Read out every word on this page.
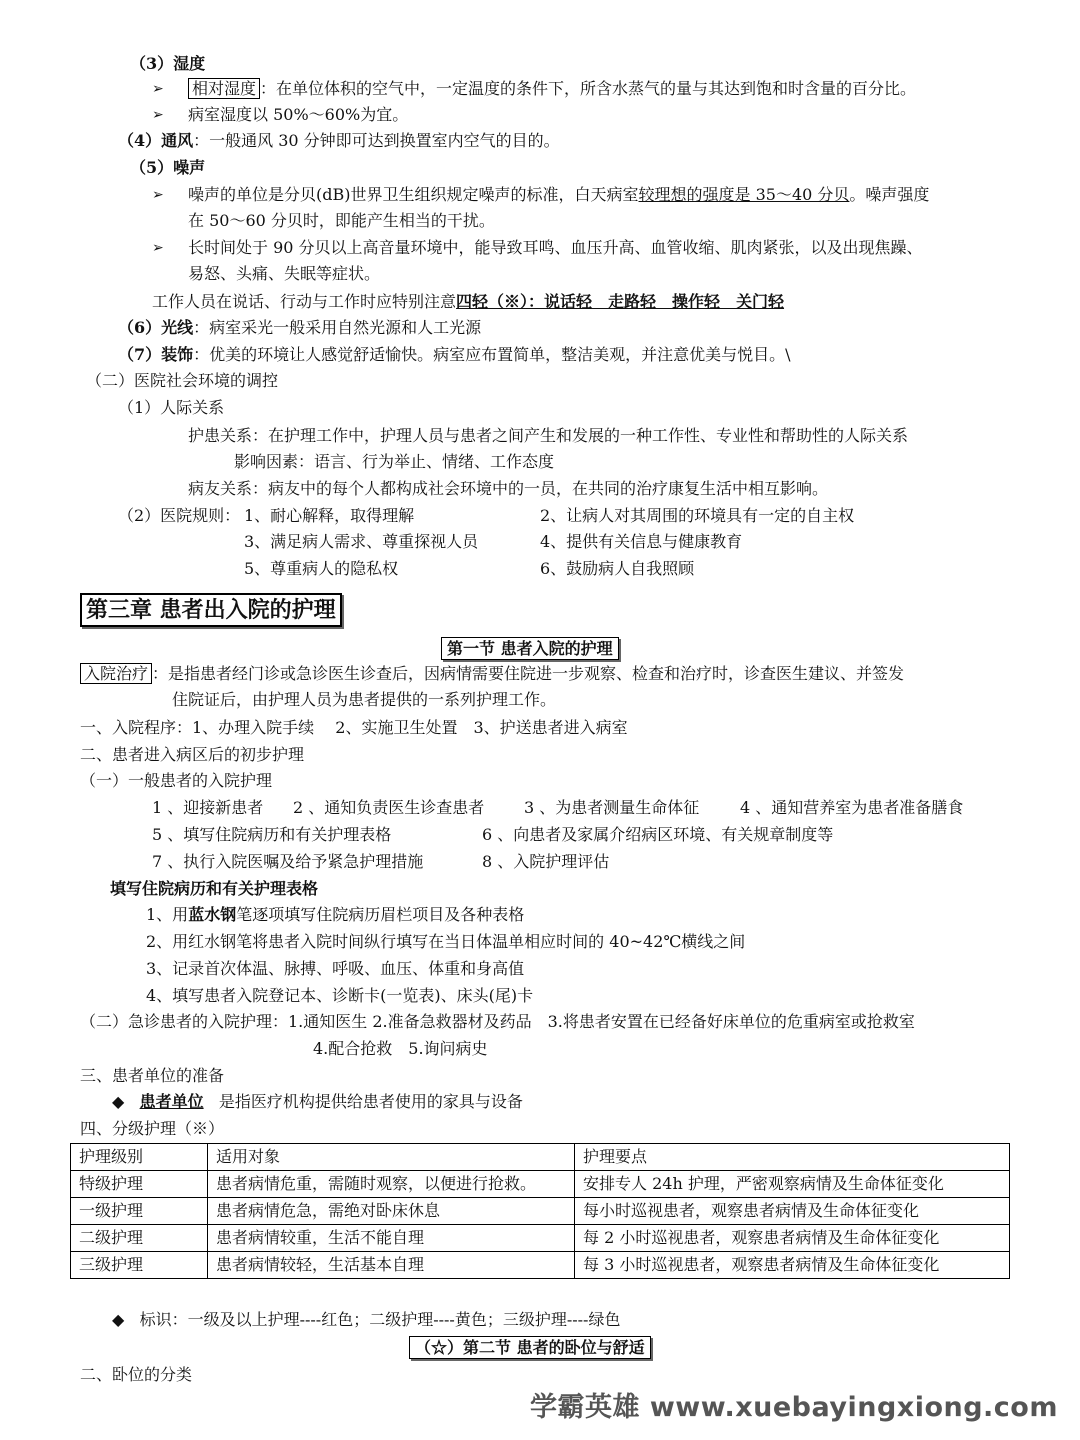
（3）湿度
➢ 相对湿度 ：在单位体积的空气中，一定温度的条件下，所含水蒸气的量与其达到饱和时含量的百分比。
➢ 病室湿度以 50%～60%为宜。
（4）通风：一般通风 30 分钟即可达到换置室内空气的目的。
（5）噪声
➢ 噪声的单位是分贝(dB)世界卫生组织规定噪声的标准，白天病室较理想的强度是 35～40 分贝。噪声强度
在 50～60 分贝时，即能产生相当的干扰。
➢ 长时间处于 90 分贝以上高音量环境中，能导致耳鸣、血压升高、血管收缩、肌肉紧张，以及出现焦躁、
易怒、头痛、失眠等症状。
工作人员在说话、行动与工作时应特别注意四轻（※）：说话轻　走路轻　操作轻　关门轻
（6）光线：病室采光一般采用自然光源和人工光源
（7）装饰：优美的环境让人感觉舒适愉快。病室应布置简单，整洁美观，并注意优美与悦目。\
（二）医院社会环境的调控
（1）人际关系
护患关系：在护理工作中，护理人员与患者之间产生和发展的一种工作性、专业性和帮助性的人际关系
影响因素：语言、行为举止、情绪、工作态度
病友关系：病友中的每个人都构成社会环境中的一员，在共同的治疗康复生活中相互影响。
（2）医院规则： 1、耐心解释，取得理解	2、让病人对其周围的环境具有一定的自主权
3、满足病人需求、尊重探视人员	4、提供有关信息与健康教育
5、尊重病人的隐私权	6、鼓励病人自我照顾
第三章 患者出入院的护理
第一节 患者入院的护理
入院治疗 ：是指患者经门诊或急诊医生诊查后，因病情需要住院进一步观察、检查和治疗时，诊查医生建议、并签发
住院证后，由护理人员为患者提供的一系列护理工作。
一、入院程序：1、办理入院手续　 2、实施卫生处置　3、护送患者进入病室
二、患者进入病区后的初步护理
（一）一般患者的入院护理
1 、迎接新患者 2 、通知负责医生诊查患者 3 、为患者测量生命体征	4 、通知营养室为患者准备膳食
5 、填写住院病历和有关护理表格	6 、向患者及家属介绍病区环境、有关规章制度等
7 、执行入院医嘱及给予紧急护理措施	8 、入院护理评估
填写住院病历和有关护理表格
1、用蓝水钢笔逐项填写住院病历眉栏项目及各种表格
2、用红水钢笔将患者入院时间纵行填写在当日体温单相应时间的 40~42℃横线之间
3、记录首次体温、脉搏、呼吸、血压、体重和身高值
4、填写患者入院登记本、诊断卡(一览表)、床头(尾)卡
（二）急诊患者的入院护理：1.通知医生 2.准备急救器材及药品　3.将患者安置在已经备好床单位的危重病室或抢救室
4.配合抢救　5.询问病史
三、患者单位的准备
◆ 患者单位 是指医疗机构提供给患者使用的家具与设备
四、分级护理（※）
护理级别	适用对象	护理要点
特级护理	患者病情危重，需随时观察，以便进行抢救。	安排专人 24h 护理，严密观察病情及生命体征变化
一级护理	患者病情危急，需绝对卧床休息	每小时巡视患者，观察患者病情及生命体征变化
二级护理	患者病情较重，生活不能自理	每 2 小时巡视患者，观察患者病情及生命体征变化
三级护理	患者病情较轻，生活基本自理	每 3 小时巡视患者，观察患者病情及生命体征变化
◆ 标识：一级及以上护理----红色；二级护理----黄色；三级护理----绿色
（☆）第二节 患者的卧位与舒适
二、卧位的分类
学霸英雄 www.xuebayingxiong.com
